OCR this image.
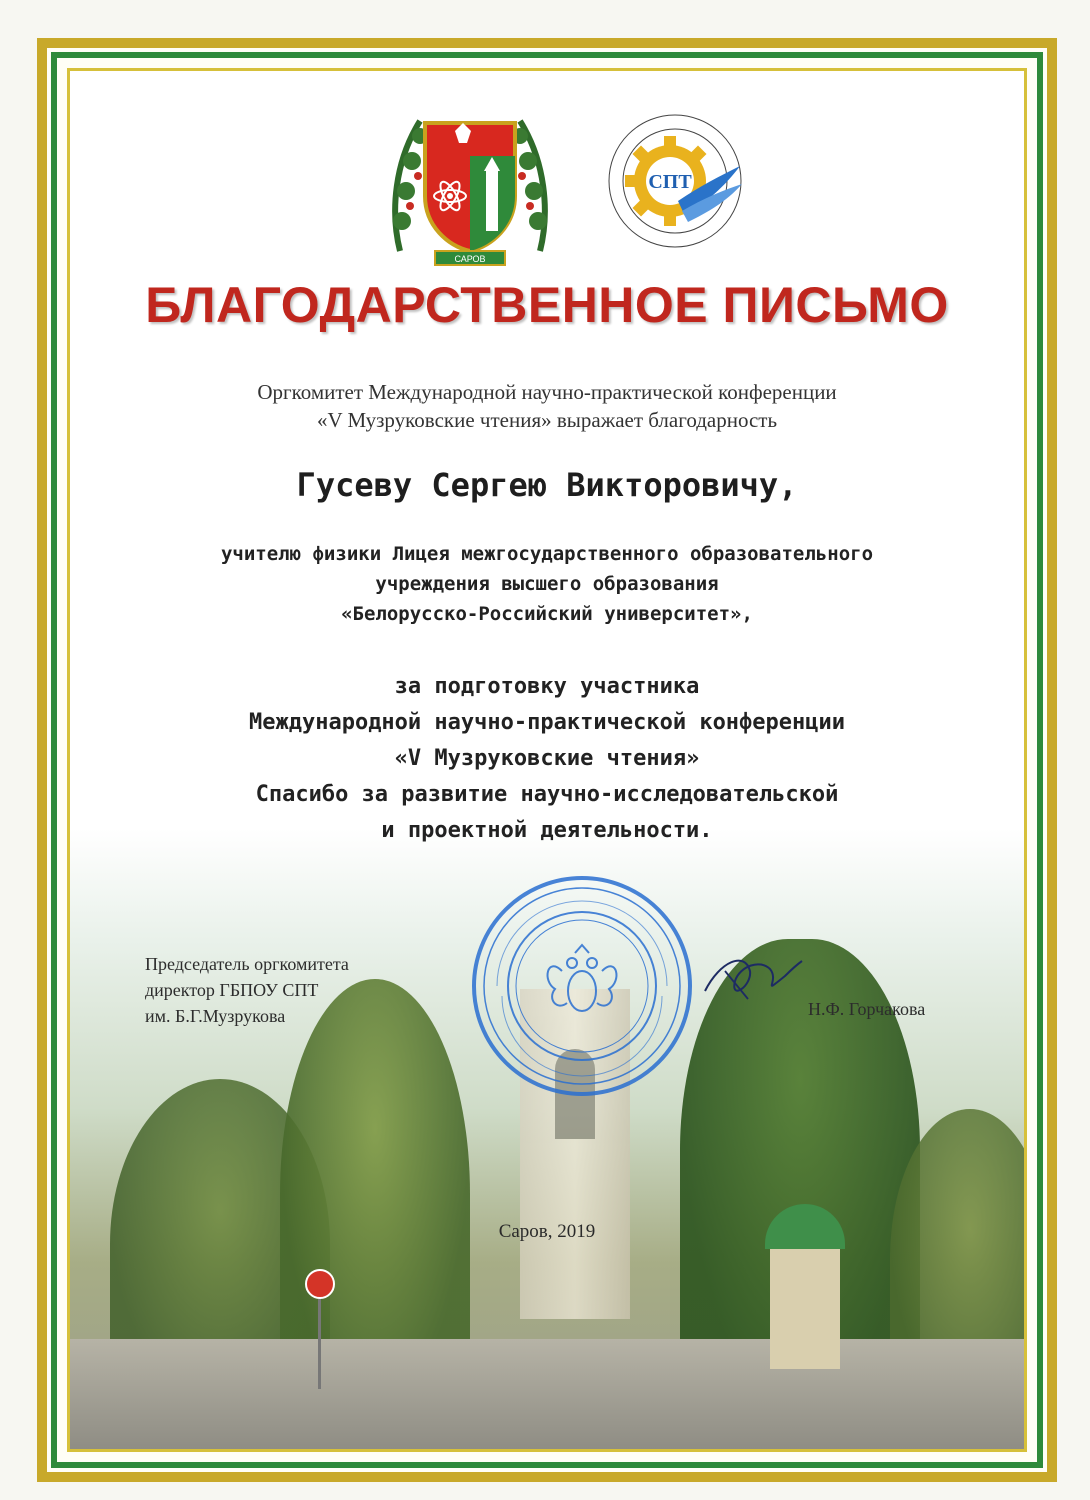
САРОВ
СПТ
БЛАГОДАРСТВЕННОЕ ПИСЬМО
Оргкомитет Международной научно-практической конференции
«V Музруковские чтения» выражает благодарность
Гусеву Сергею Викторовичу,
учителю физики Лицея межгосударственного образовательного
учреждения высшего образования
«Белорусско-Российский университет»,
за подготовку участника
Международной научно-практической конференции
«V Музруковские чтения»
Спасибо за развитие научно-исследовательской
и проектной деятельности.
Председатель оргкомитета
директор ГБПОУ СПТ
им. Б.Г.Музрукова	Н.Ф. Горчакова
Саров, 2019
